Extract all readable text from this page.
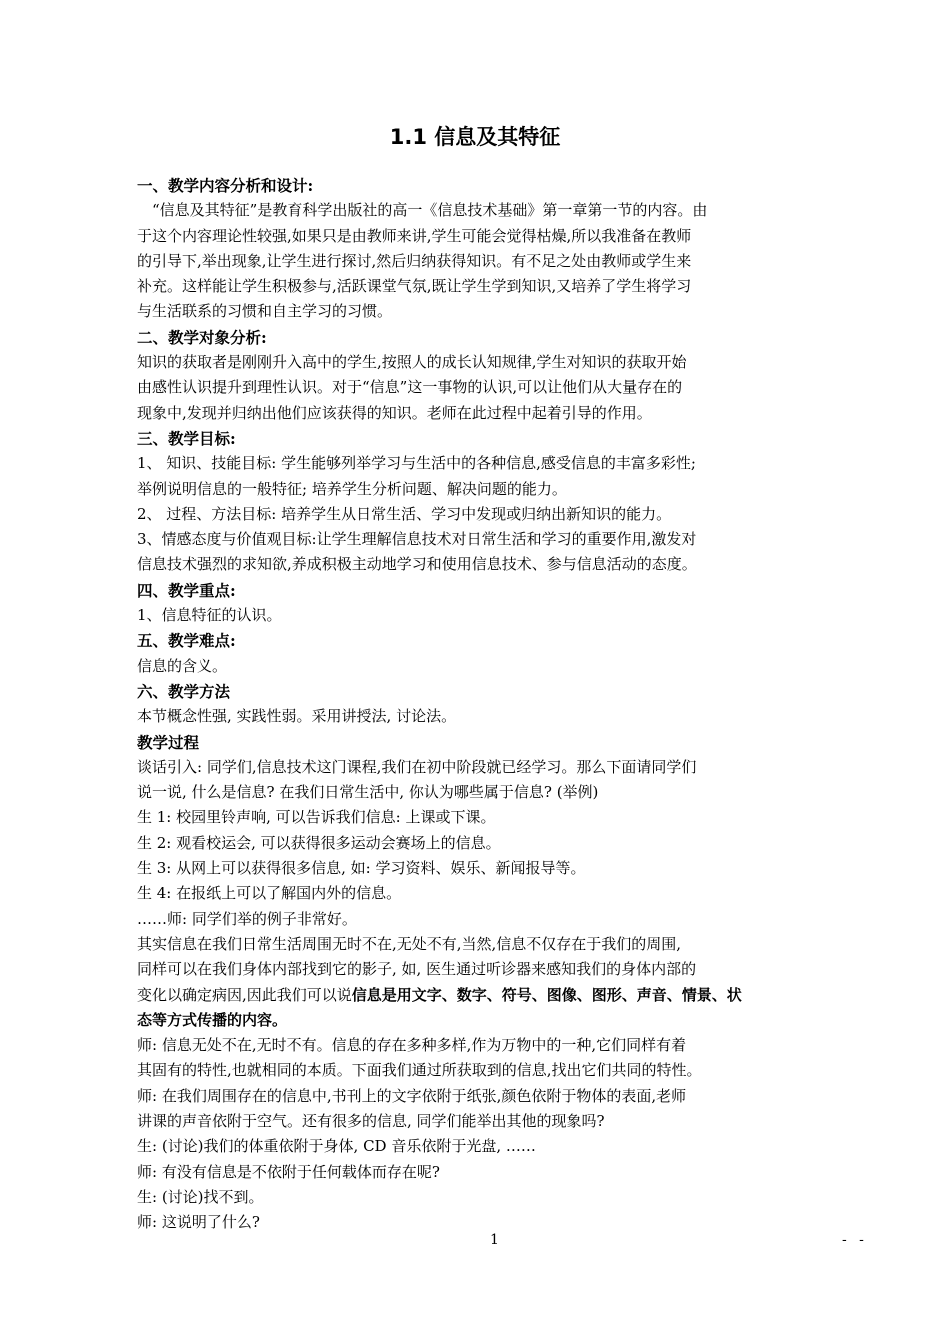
1.1 信息及其特征
一、教学内容分析和设计:
“信息及其特征”是教育科学出版社的高一《信息技术基础》第一章第一节的内容。由
于这个内容理论性较强,如果只是由教师来讲,学生可能会觉得枯燥,所以我准备在教师
的引导下,举出现象,让学生进行探讨,然后归纳获得知识。有不足之处由教师或学生来
补充。这样能让学生积极参与,活跃课堂气氛,既让学生学到知识,又培养了学生将学习
与生活联系的习惯和自主学习的习惯。
二、教学对象分析:
知识的获取者是刚刚升入高中的学生,按照人的成长认知规律,学生对知识的获取开始
由感性认识提升到理性认识。对于“信息”这一事物的认识,可以让他们从大量存在的
现象中,发现并归纳出他们应该获得的知识。老师在此过程中起着引导的作用。
三、教学目标:
1、 知识、技能目标: 学生能够列举学习与生活中的各种信息,感受信息的丰富多彩性;
举例说明信息的一般特征; 培养学生分析问题、解决问题的能力。
2、 过程、方法目标: 培养学生从日常生活、学习中发现或归纳出新知识的能力。
3、情感态度与价值观目标:让学生理解信息技术对日常生活和学习的重要作用,激发对
信息技术强烈的求知欲,养成积极主动地学习和使用信息技术、参与信息活动的态度。
四、教学重点:
1、信息特征的认识。
五、教学难点:
信息的含义。
六、教学方法
本节概念性强, 实践性弱。采用讲授法, 讨论法。
教学过程
谈话引入: 同学们,信息技术这门课程,我们在初中阶段就已经学习。那么下面请同学们
说一说, 什么是信息? 在我们日常生活中, 你认为哪些属于信息? (举例)
生 1: 校园里铃声响, 可以告诉我们信息: 上课或下课。
生 2: 观看校运会, 可以获得很多运动会赛场上的信息。
生 3: 从网上可以获得很多信息, 如: 学习资料、娱乐、新闻报导等。
生 4: 在报纸上可以了解国内外的信息。
……师: 同学们举的例子非常好。
其实信息在我们日常生活周围无时不在,无处不有,当然,信息不仅存在于我们的周围,
同样可以在我们身体内部找到它的影子, 如, 医生通过听诊器来感知我们的身体内部的
变化以确定病因,因此我们可以说信息是用文字、数字、符号、图像、图形、声音、情景、状
态等方式传播的内容。
师: 信息无处不在,无时不有。信息的存在多种多样,作为万物中的一种,它们同样有着
其固有的特性,也就相同的本质。下面我们通过所获取到的信息,找出它们共同的特性。
师: 在我们周围存在的信息中,书刊上的文字依附于纸张,颜色依附于物体的表面,老师
讲课的声音依附于空气。还有很多的信息, 同学们能举出其他的现象吗?
生: (讨论)我们的体重依附于身体, CD 音乐依附于光盘, ……
师: 有没有信息是不依附于任何载体而存在呢?
生: (讨论)找不到。
师: 这说明了什么?
1	- -
